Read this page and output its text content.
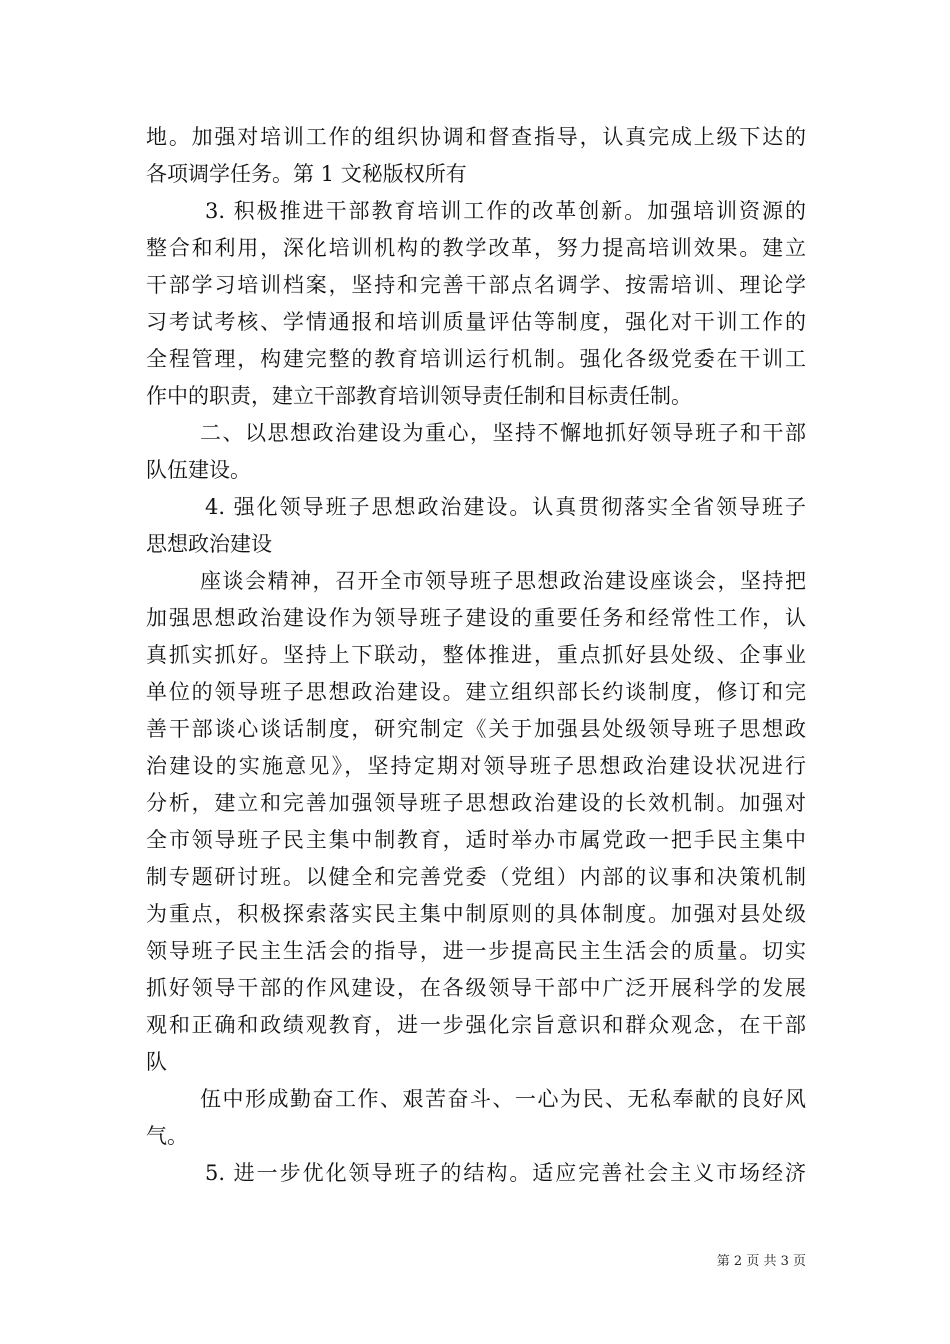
地。加强对培训工作的组织协调和督查指导，认真完成上级下达的
各项调学任务。第 1 文秘版权所有
3. 积极推进干部教育培训工作的改革创新。加强培训资源的
整合和利用，深化培训机构的教学改革，努力提高培训效果。建立
干部学习培训档案，坚持和完善干部点名调学、按需培训、理论学
习考试考核、学情通报和培训质量评估等制度，强化对干训工作的
全程管理，构建完整的教育培训运行机制。强化各级党委在干训工
作中的职责，建立干部教育培训领导责任制和目标责任制。
二、以思想政治建设为重心，坚持不懈地抓好领导班子和干部
队伍建设。
4. 强化领导班子思想政治建设。认真贯彻落实全省领导班子
思想政治建设
座谈会精神，召开全市领导班子思想政治建设座谈会，坚持把
加强思想政治建设作为领导班子建设的重要任务和经常性工作，认
真抓实抓好。坚持上下联动，整体推进，重点抓好县处级、企事业
单位的领导班子思想政治建设。建立组织部长约谈制度，修订和完
善干部谈心谈话制度，研究制定《关于加强县处级领导班子思想政
治建设的实施意见》，坚持定期对领导班子思想政治建设状况进行
分析，建立和完善加强领导班子思想政治建设的长效机制。加强对
全市领导班子民主集中制教育，适时举办市属党政一把手民主集中
制专题研讨班。以健全和完善党委（党组）内部的议事和决策机制
为重点，积极探索落实民主集中制原则的具体制度。加强对县处级
领导班子民主生活会的指导，进一步提高民主生活会的质量。切实
抓好领导干部的作风建设，在各级领导干部中广泛开展科学的发展
观和正确和政绩观教育，进一步强化宗旨意识和群众观念，在干部
队
伍中形成勤奋工作、艰苦奋斗、一心为民、无私奉献的良好风
气。
5. 进一步优化领导班子的结构。适应完善社会主义市场经济
第 2 页 共 3 页
